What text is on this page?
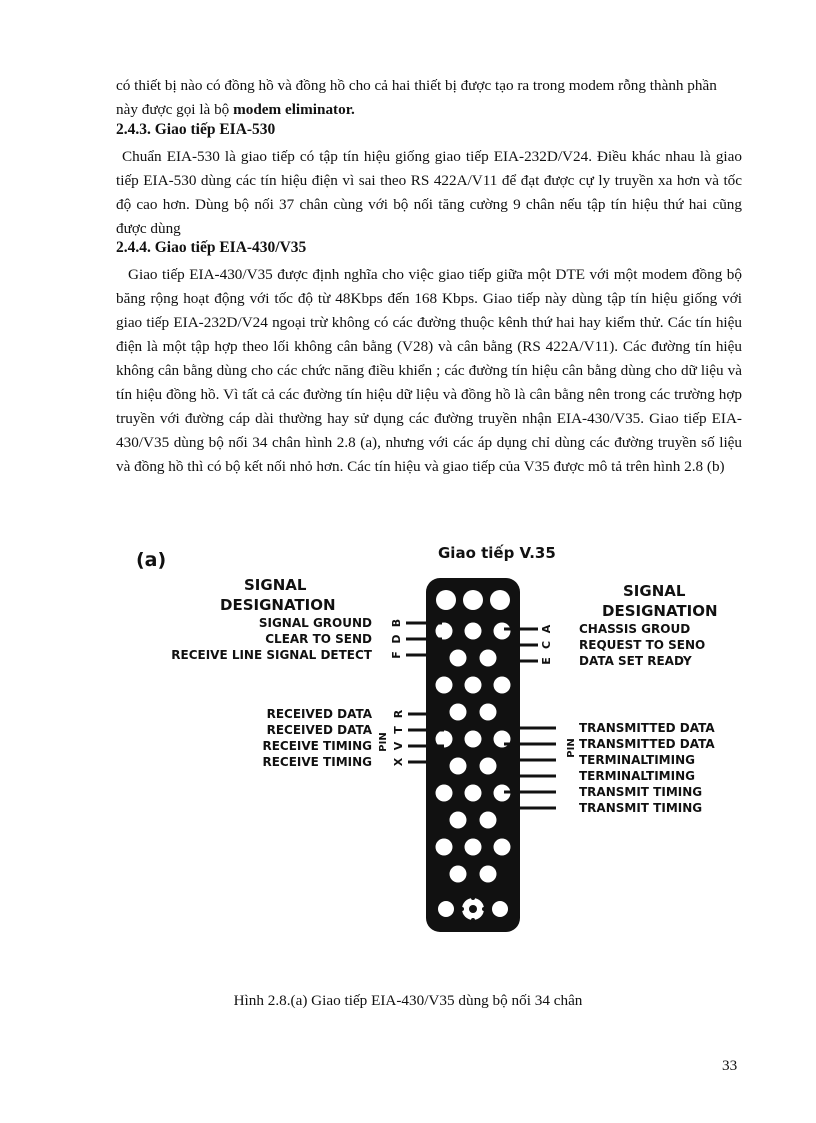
có thiết bị nào có đồng hồ và đồng hồ cho cả hai thiết bị được tạo ra trong modem rỗng thành phần

này được gọi là bộ modem eliminator.

2.4.3. Giao tiếp EIA-530
Chuẩn EIA-530 là giao tiếp có tập tín hiệu giống giao tiếp EIA-232D/V24. Điều khác nhau là giao tiếp EIA-530 dùng các tín hiệu điện vì sai theo RS 422A/V11 để đạt được cự ly truyền xa hơn và tốc độ cao hơn. Dùng bộ nối 37 chân cùng với bộ nối tăng cường 9 chân nếu tập tín hiệu thứ hai cũng được dùng
2.4.4. Giao tiếp EIA-430/V35
Giao tiếp EIA-430/V35 được định nghĩa cho việc giao tiếp giữa một DTE với một modem đồng bộ băng rộng hoạt động với tốc độ từ 48Kbps đến 168 Kbps. Giao tiếp này dùng tập tín hiệu giống với giao tiếp EIA-232D/V24 ngoại trừ không có các đường thuộc kênh thứ hai hay kiểm thử. Các tín hiệu điện là một tập hợp theo lối không cân bằng (V28) và cân bằng (RS 422A/V11). Các đường tín hiệu không cân bằng dùng cho các chức năng điều khiển ; các đường tín hiệu cân bằng dùng cho dữ liệu và tín hiệu đồng hồ. Vì tất cả các đường tín hiệu dữ liệu và đồng hồ là cân bằng nên trong các trường hợp truyền với đường cáp dài thường hay sử dụng các đường truyền nhận EIA-430/V35. Giao tiếp EIA-430/V35 dùng bộ nối 34 chân hình 2.8 (a), nhưng với các áp dụng chỉ dùng các đường truyền số liệu và đồng hồ thì có bộ kết nối nhỏ hơn. Các tín hiệu và giao tiếp của V35 được mô tả trên hình 2.8 (b)
(a)	Giao tiếp V.35
SIGNAL
DESIGNATION
SIGNAL
DESIGNATION
SIGNAL GROUND
CLEAR TO SEND
RECEIVE LINE SIGNAL DETECT
B
D
F
RECEIVED DATA
RECEIVED DATA
RECEIVE TIMING
RECEIVE TIMING
PIN
R
T
V
X
A
C
E
CHASSIS GROUD
REQUEST TO SENO
DATA SET READY
PIN
TRANSMITTED DATA
TRANSMITTED DATA
TERMINALTIMING
TERMINALTIMING
TRANSMIT TIMING
TRANSMIT TIMING
Hình 2.8.(a) Giao tiếp EIA-430/V35 dùng bộ nối 34 chân
33
